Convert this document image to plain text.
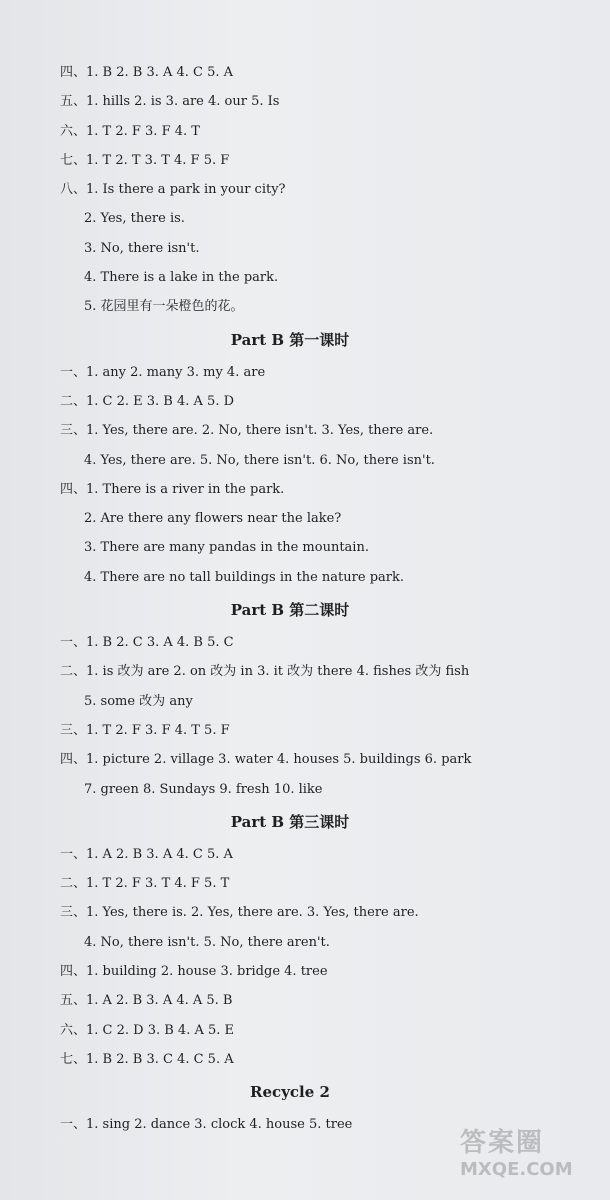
四、1. B 2. B 3. A 4. C 5. A
五、1. hills 2. is 3. are 4. our 5. Is
六、1. T 2. F 3. F 4. T
七、1. T 2. T 3. T 4. F 5. F
八、1. Is there a park in your city?
2. Yes, there is.
3. No, there isn't.
4. There is a lake in the park.
5. 花园里有一朵橙色的花。
Part B 第一课时
一、1. any 2. many 3. my 4. are
二、1. C 2. E 3. B 4. A 5. D
三、1. Yes, there are. 2. No, there isn't. 3. Yes, there are.
4. Yes, there are. 5. No, there isn't. 6. No, there isn't.
四、1. There is a river in the park.
2. Are there any flowers near the lake?
3. There are many pandas in the mountain.
4. There are no tall buildings in the nature park.
Part B 第二课时
一、1. B 2. C 3. A 4. B 5. C
二、1. is 改为 are 2. on 改为 in 3. it 改为 there 4. fishes 改为 fish
5. some 改为 any
三、1. T 2. F 3. F 4. T 5. F
四、1. picture 2. village 3. water 4. houses 5. buildings 6. park
7. green 8. Sundays 9. fresh 10. like
Part B 第三课时
一、1. A 2. B 3. A 4. C 5. A
二、1. T 2. F 3. T 4. F 5. T
三、1. Yes, there is. 2. Yes, there are. 3. Yes, there are.
4. No, there isn't. 5. No, there aren't.
四、1. building 2. house 3. bridge 4. tree
五、1. A 2. B 3. A 4. A 5. B
六、1. C 2. D 3. B 4. A 5. E
七、1. B 2. B 3. C 4. C 5. A
Recycle 2
一、1. sing 2. dance 3. clock 4. house 5. tree
答案圈
MXQE.COM
